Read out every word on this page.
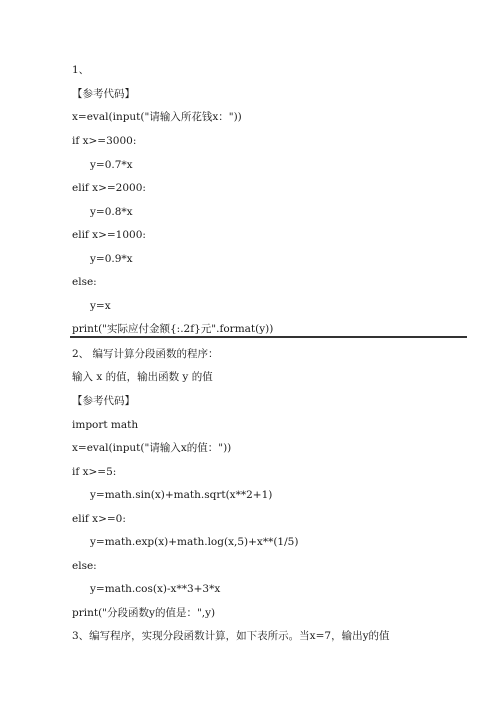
1、
【参考代码】
x=eval(input("请输入所花钱x："))
if x>=3000:
y=0.7*x
elif x>=2000:
y=0.8*x
elif x>=1000:
y=0.9*x
else:
y=x
print("实际应付金额{:.2f}元".format(y))
2、 编写计算分段函数的程序：
输入 x 的值，输出函数 y 的值
【参考代码】
import math
x=eval(input("请输入x的值："))
if x>=5:
y=math.sin(x)+math.sqrt(x**2+1)
elif x>=0:
y=math.exp(x)+math.log(x,5)+x**(1/5)
else:
y=math.cos(x)-x**3+3*x
print("分段函数y的值是：",y)
3、编写程序，实现分段函数计算，如下表所示。当x=7，输出y的值
